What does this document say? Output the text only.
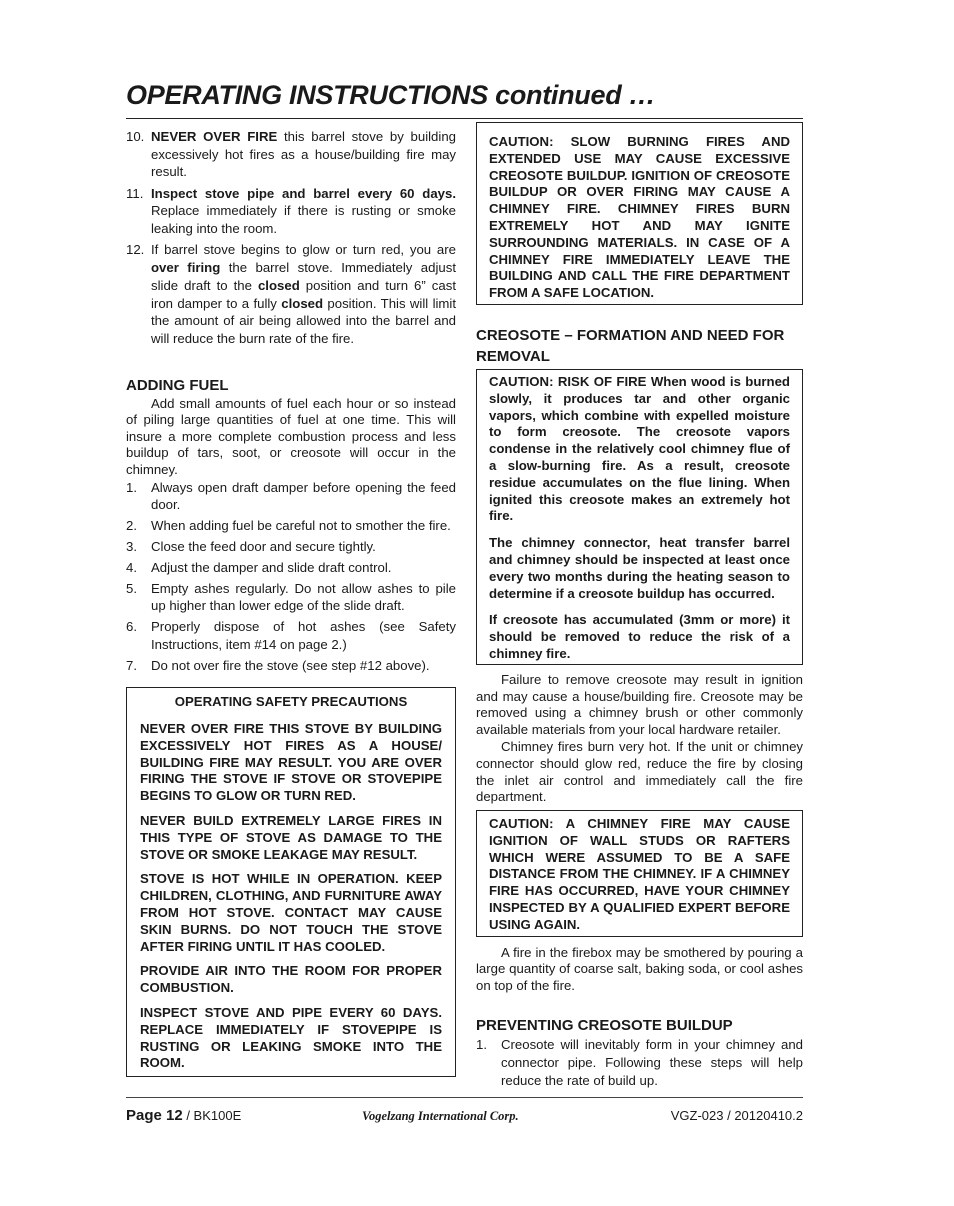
OPERATING INSTRUCTIONS continued …
10. NEVER OVER FIRE this barrel stove by building excessively hot fires as a house/building fire may result.
11. Inspect stove pipe and barrel every 60 days. Replace immediately if there is rusting or smoke leaking into the room.
12. If barrel stove begins to glow or turn red, you are over firing the barrel stove. Immediately adjust slide draft to the closed position and turn 6” cast iron damper to a fully closed position. This will limit the amount of air being allowed into the barrel and will reduce the burn rate of the fire.
ADDING FUEL

Add small amounts of fuel each hour or so instead of piling large quantities of fuel at one time. This will insure a more complete combustion process and less buildup of tars, soot, or creosote will occur in the chimney.

1. Always open draft damper before opening the feed door.
2. When adding fuel be careful not to smother the fire.
3. Close the feed door and secure tightly.
4. Adjust the damper and slide draft control.
5. Empty ashes regularly. Do not allow ashes to pile up higher than lower edge of the slide draft.
6. Properly dispose of hot ashes (see Safety Instructions, item #14 on page 2.)
7. Do not over fire the stove (see step #12 above).

OPERATING SAFETY PRECAUTIONS

NEVER OVER FIRE THIS STOVE BY BUILDING EXCESSIVELY HOT FIRES AS A HOUSE/ BUILDING FIRE MAY RESULT. YOU ARE OVER FIRING THE STOVE IF STOVE OR STOVEPIPE BEGINS TO GLOW OR TURN RED.

NEVER BUILD EXTREMELY LARGE FIRES IN THIS TYPE OF STOVE AS DAMAGE TO THE STOVE OR SMOKE LEAKAGE MAY RESULT.

STOVE IS HOT WHILE IN OPERATION. KEEP CHILDREN, CLOTHING, AND FURNITURE AWAY FROM HOT STOVE. CONTACT MAY CAUSE SKIN BURNS. DO NOT TOUCH THE STOVE AFTER FIRING UNTIL IT HAS COOLED.

PROVIDE AIR INTO THE ROOM FOR PROPER COMBUSTION.

INSPECT STOVE AND PIPE EVERY 60 DAYS. REPLACE IMMEDIATELY IF STOVEPIPE IS RUSTING OR LEAKING SMOKE INTO THE ROOM.

CAUTION: SLOW BURNING FIRES AND EXTENDED USE MAY CAUSE EXCESSIVE CREOSOTE BUILDUP. IGNITION OF CREOSOTE BUILDUP OR OVER FIRING MAY CAUSE A CHIMNEY FIRE. CHIMNEY FIRES BURN EXTREMELY HOT AND MAY IGNITE SURROUNDING MATERIALS. IN CASE OF A CHIMNEY FIRE IMMEDIATELY LEAVE THE BUILDING AND CALL THE FIRE DEPARTMENT FROM A SAFE LOCATION.

CREOSOTE – FORMATION AND NEED FOR REMOVAL

CAUTION: RISK OF FIRE When wood is burned slowly, it produces tar and other organic vapors, which combine with expelled moisture to form creosote. The creosote vapors condense in the relatively cool chimney flue of a slow-burning fire. As a result, creosote residue accumulates on the flue lining. When ignited this creosote makes an extremely hot fire.

The chimney connector, heat transfer barrel and chimney should be inspected at least once every two months during the heating season to determine if a creosote buildup has occurred.

If creosote has accumulated (3mm or more) it should be removed to reduce the risk of a chimney fire.

Failure to remove creosote may result in ignition and may cause a house/building fire. Creosote may be removed using a chimney brush or other commonly available materials from your local hardware retailer.

Chimney fires burn very hot. If the unit or chimney connector should glow red, reduce the fire by closing the inlet air control and immediately call the fire department.

CAUTION: A CHIMNEY FIRE MAY CAUSE IGNITION OF WALL STUDS OR RAFTERS WHICH WERE ASSUMED TO BE A SAFE DISTANCE FROM THE CHIMNEY. IF A CHIMNEY FIRE HAS OCCURRED, HAVE YOUR CHIMNEY INSPECTED BY A QUALIFIED EXPERT BEFORE USING AGAIN.

A fire in the firebox may be smothered by pouring a large quantity of coarse salt, baking soda, or cool ashes on top of the fire.

PREVENTING CREOSOTE BUILDUP
1. Creosote will inevitably form in your chimney and connector pipe. Following these steps will help reduce the rate of build up.
Page 12 / BK100E	Vogelzang International Corp.	VGZ-023 / 20120410.2
